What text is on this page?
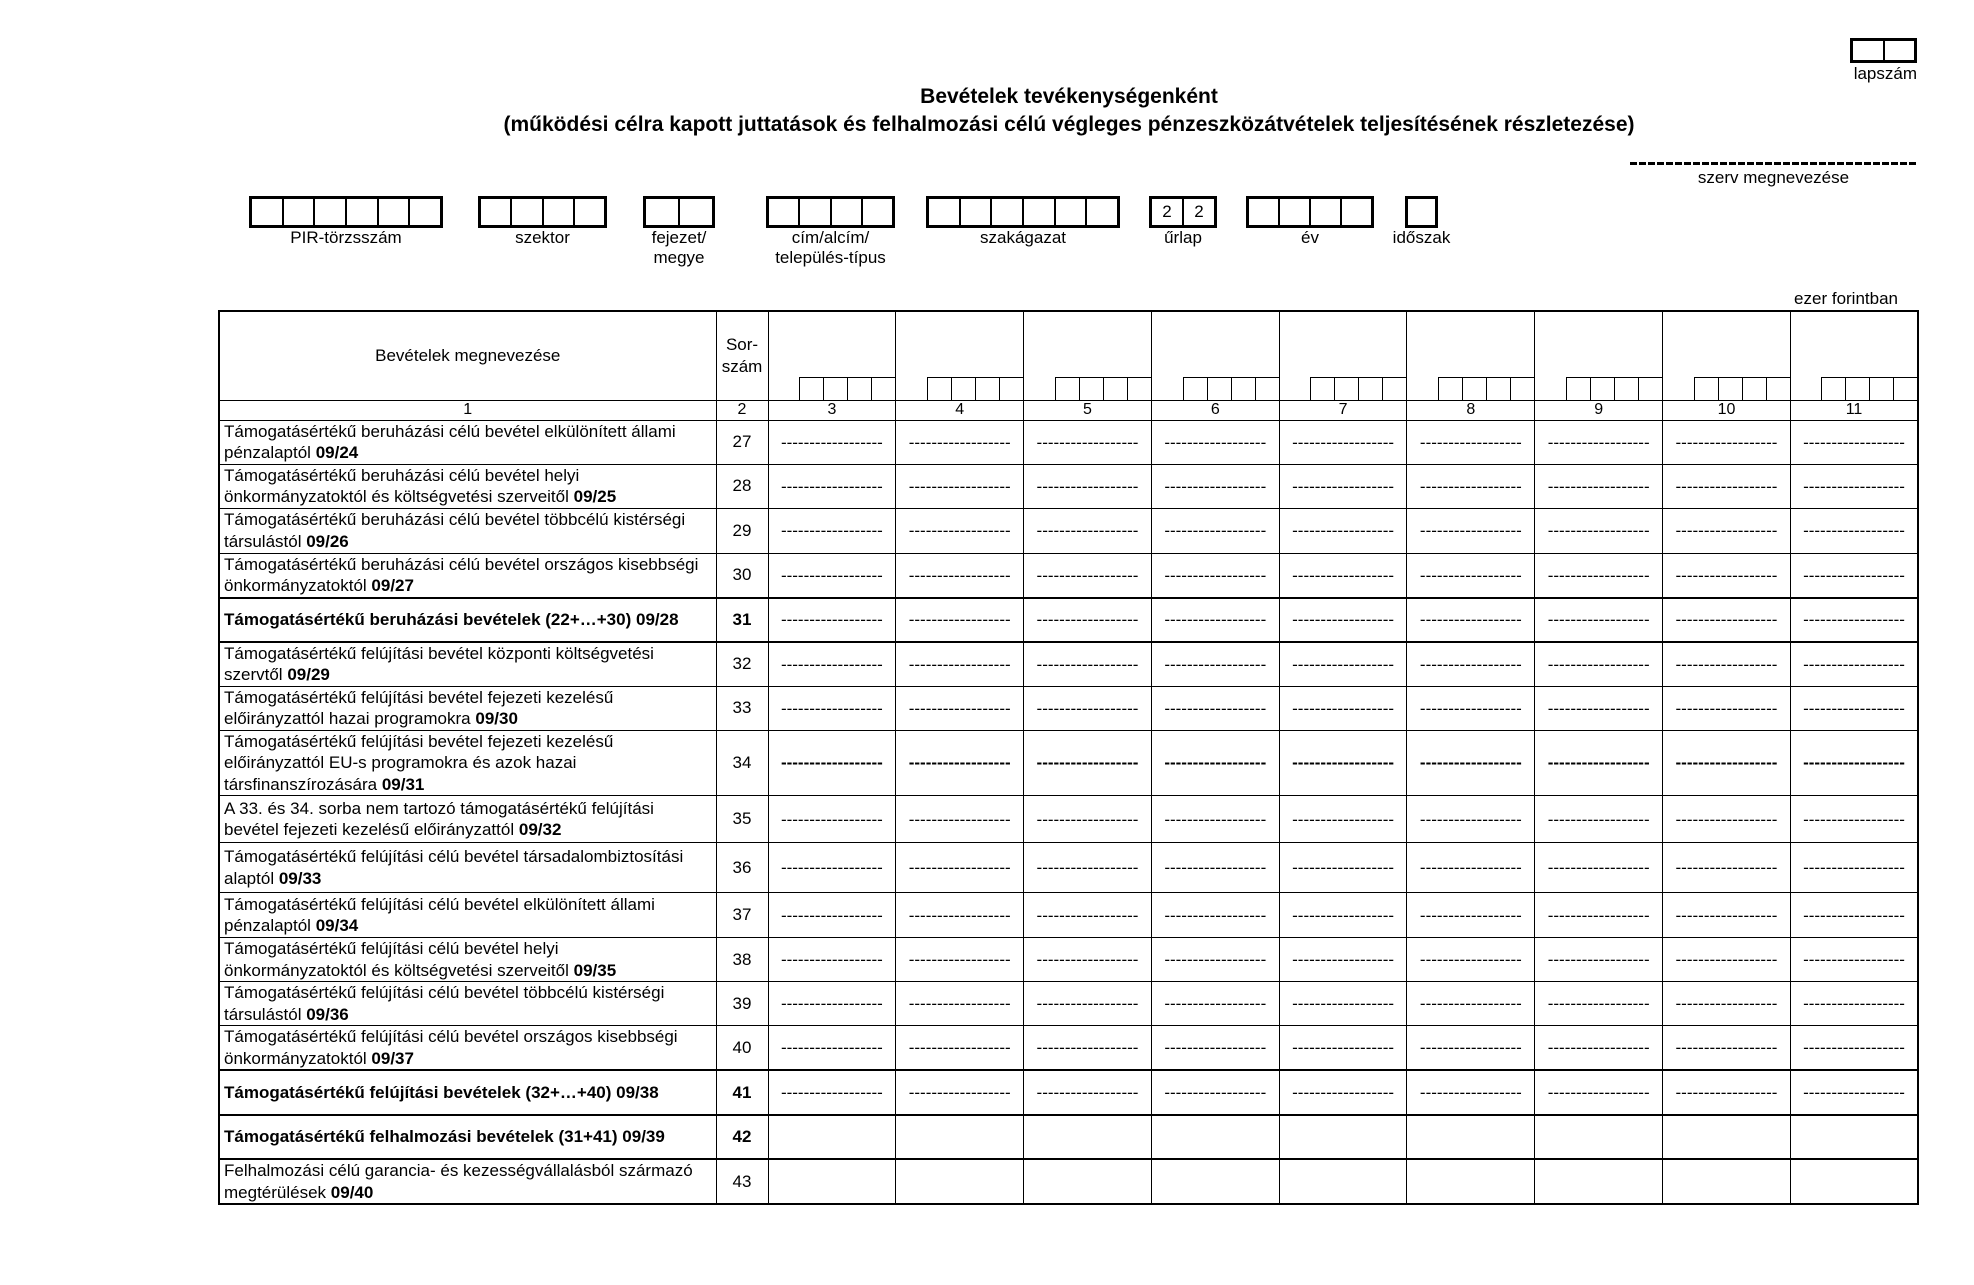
lapszám
Bevételek tevékenységenként
(működési célra kapott juttatások és felhalmozási célú végleges pénzeszközátvételek teljesítésének részletezése)
szerv megnevezése
PIR-törzsszám	szektor	fejezet/
megye
cím/alcím/
település-típus
szakágazat
2	2
űrlap	év	időszak
ezer forintban
Bevételek megnevezése	Sor-
szám									

1	2	3	4	5	6	7	8	9	10	11

Támogatásértékű beruházási célú bevétel elkülönített állami
pénzalaptól 09/24	27	------------------	------------------	------------------	------------------	------------------	------------------	------------------	------------------	------------------

Támogatásértékű beruházási célú bevétel helyi
önkormányzatoktól és költségvetési szerveitől 09/25	28	------------------	------------------	------------------	------------------	------------------	------------------	------------------	------------------	------------------

Támogatásértékű beruházási célú bevétel többcélú kistérségi
társulástól 09/26	29	------------------	------------------	------------------	------------------	------------------	------------------	------------------	------------------	------------------

Támogatásértékű beruházási célú bevétel országos kisebbségi
önkormányzatoktól 09/27	30	------------------	------------------	------------------	------------------	------------------	------------------	------------------	------------------	------------------

Támogatásértékű beruházási bevételek (22+…+30) 09/28	31	------------------	------------------	------------------	------------------	------------------	------------------	------------------	------------------	------------------

Támogatásértékű felújítási bevétel központi költségvetési
szervtől 09/29	32	------------------	------------------	------------------	------------------	------------------	------------------	------------------	------------------	------------------

Támogatásértékű felújítási bevétel fejezeti kezelésű
előirányzattól hazai programokra 09/30	33	------------------	------------------	------------------	------------------	------------------	------------------	------------------	------------------	------------------

Támogatásértékű felújítási bevétel fejezeti kezelésű
előirányzattól EU-s programokra és azok hazai
társfinanszírozására 09/31	34	------------------	------------------	------------------	------------------	------------------	------------------	------------------	------------------	------------------

A 33. és 34. sorba nem tartozó támogatásértékű felújítási
bevétel fejezeti kezelésű előirányzattól 09/32	35	------------------	------------------	------------------	------------------	------------------	------------------	------------------	------------------	------------------

Támogatásértékű felújítási célú bevétel társadalombiztosítási
alaptól 09/33	36	------------------	------------------	------------------	------------------	------------------	------------------	------------------	------------------	------------------

Támogatásértékű felújítási célú bevétel elkülönített állami
pénzalaptól 09/34	37	------------------	------------------	------------------	------------------	------------------	------------------	------------------	------------------	------------------

Támogatásértékű felújítási célú bevétel helyi
önkormányzatoktól és költségvetési szerveitől 09/35	38	------------------	------------------	------------------	------------------	------------------	------------------	------------------	------------------	------------------

Támogatásértékű felújítási célú bevétel többcélú kistérségi
társulástól 09/36	39	------------------	------------------	------------------	------------------	------------------	------------------	------------------	------------------	------------------

Támogatásértékű felújítási célú bevétel országos kisebbségi
önkormányzatoktól 09/37	40	------------------	------------------	------------------	------------------	------------------	------------------	------------------	------------------	------------------

Támogatásértékű felújítási bevételek (32+…+40) 09/38	41	------------------	------------------	------------------	------------------	------------------	------------------	------------------	------------------	------------------

Támogatásértékű felhalmozási bevételek (31+41) 09/39	42									

Felhalmozási célú garancia- és kezességvállalásból származó
megtérülések 09/40	43									
